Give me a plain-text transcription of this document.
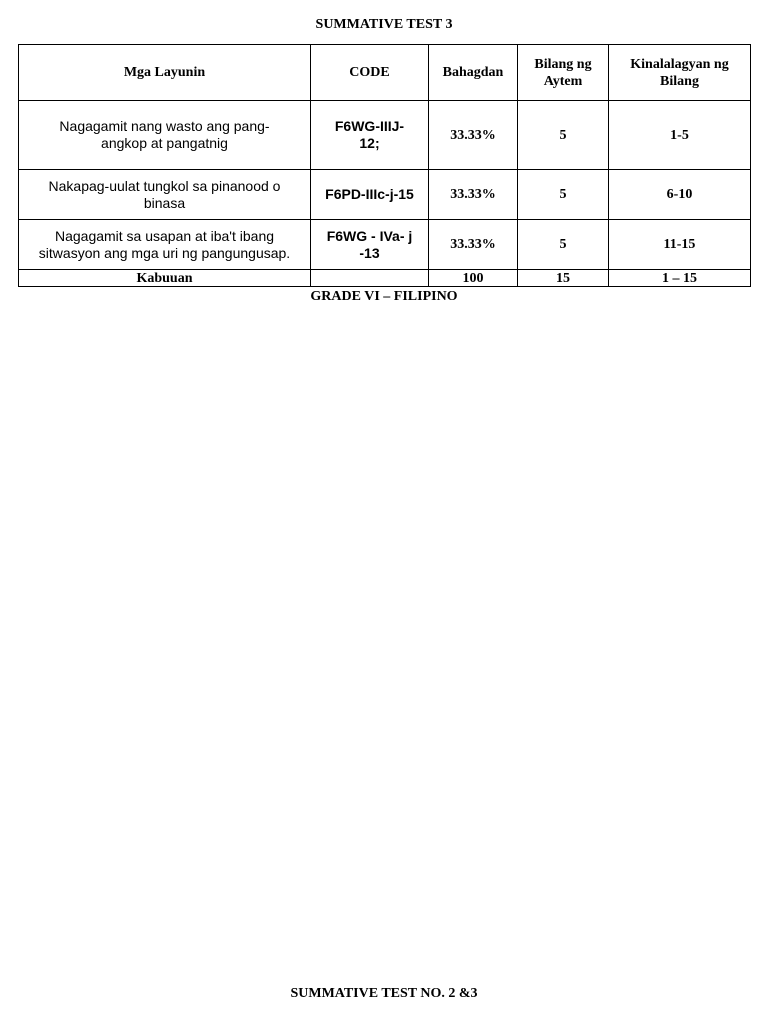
SUMMATIVE TEST 3
Mga Layunin	CODE	Bahagdan	Bilang ng Aytem	Kinalalagyan ng Bilang
Nagagamit nang wasto ang pang-angkop at pangatnig	F6WG-IIIJ-12;	33.33%	5	1-5
Nakapag-uulat tungkol sa pinanood o binasa	F6PD-IIIc-j-15	33.33%	5	6-10
Nagagamit sa usapan at iba't ibang sitwasyon ang mga uri ng pangungusap.	F6WG - IVa- j -13	33.33%	5	11-15
Kabuuan		100	15	1 – 15
GRADE VI – FILIPINO
SUMMATIVE TEST NO. 2 &3
